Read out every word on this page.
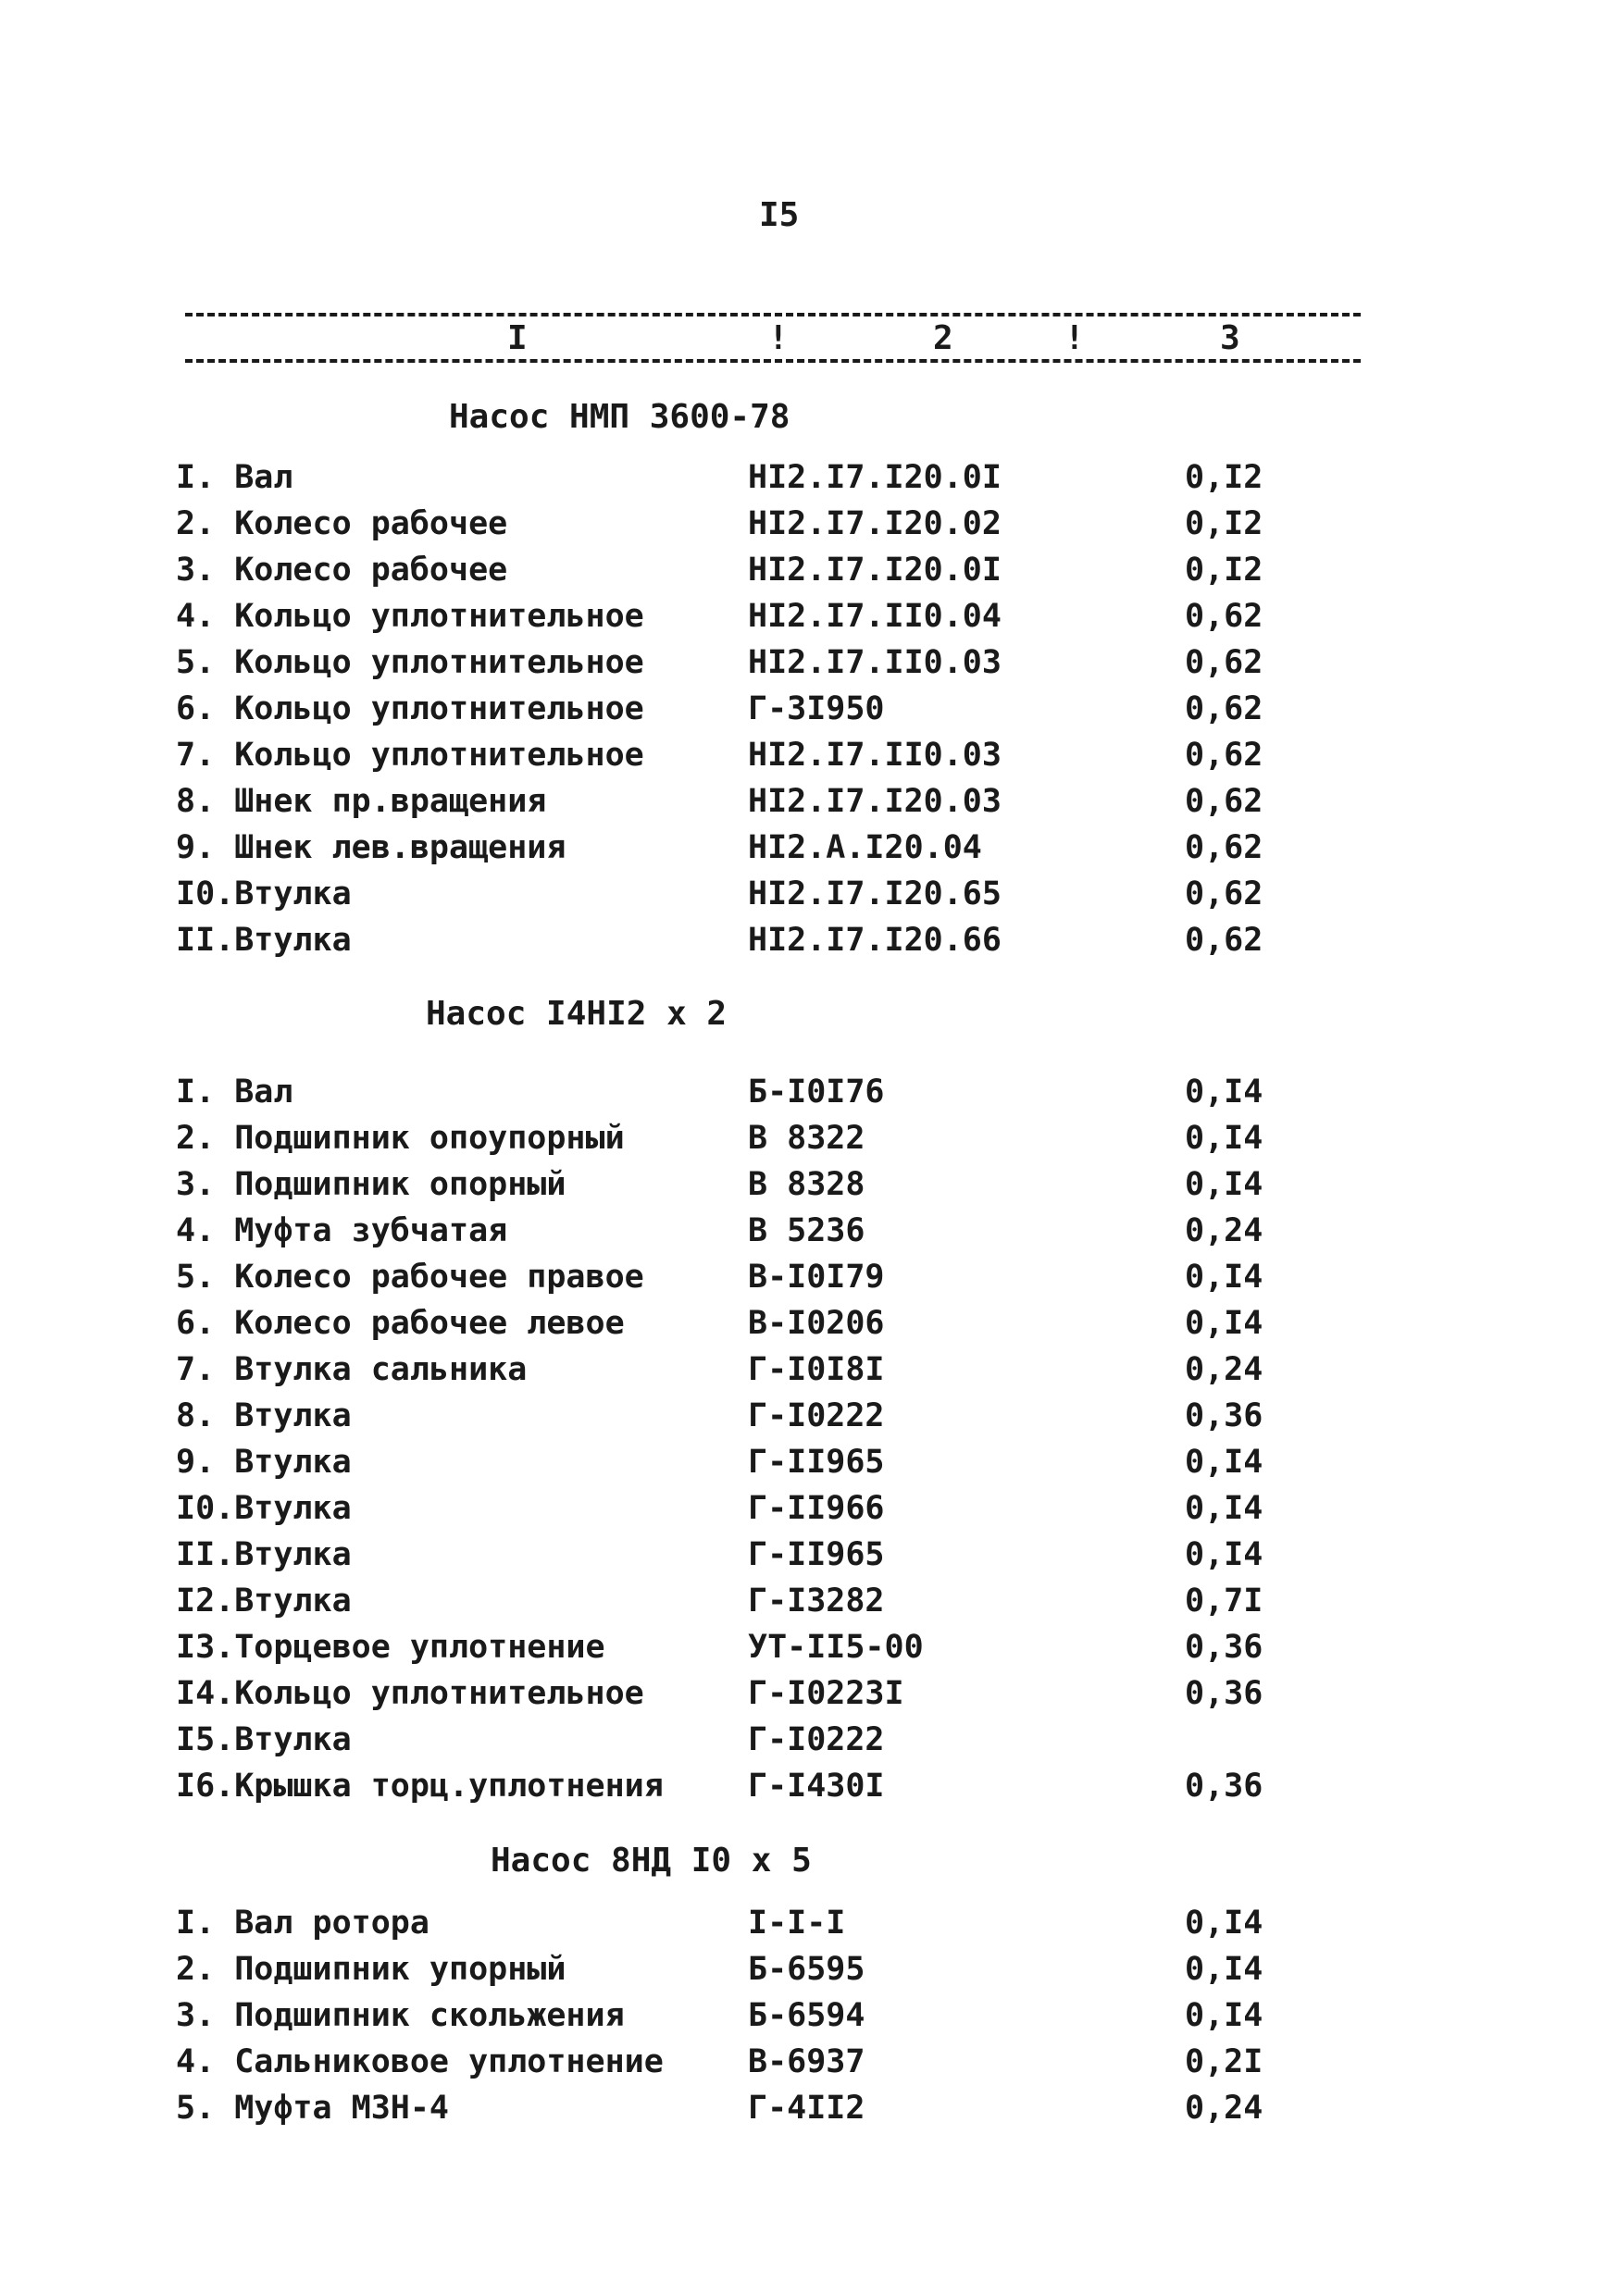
I5
I	!	2	!	3
Насос НМП 3600-78
I. Вал	НI2.I7.I20.0I	0,I2
2. Колесо рабочее	НI2.I7.I20.02	0,I2
3. Колесо рабочее	НI2.I7.I20.0I	0,I2
4. Кольцо уплотнительное	НI2.I7.II0.04	0,62
5. Кольцо уплотнительное	НI2.I7.II0.03	0,62
6. Кольцо уплотнительное	Г-3I950	0,62
7. Кольцо уплотнительное	НI2.I7.II0.03	0,62
8. Шнек пр.вращения	НI2.I7.I20.03	0,62
9. Шнек лев.вращения	НI2.А.I20.04	0,62
I0.Втулка	НI2.I7.I20.65	0,62
II.Втулка	НI2.I7.I20.66	0,62
Насос I4НI2 х 2
I. Вал	Б-I0I76	0,I4
2. Подшипник опоупорный	В 8322	0,I4
3. Подшипник опорный	В 8328	0,I4
4. Муфта зубчатая	В 5236	0,24
5. Колесо рабочее правое	В-I0I79	0,I4
6. Колесо рабочее левое	В-I0206	0,I4
7. Втулка сальника	Г-I0I8I	0,24
8. Втулка	Г-I0222	0,36
9. Втулка	Г-II965	0,I4
I0.Втулка	Г-II966	0,I4
II.Втулка	Г-II965	0,I4
I2.Втулка	Г-I3282	0,7I
I3.Торцевое уплотнение	УТ-II5-00	0,36
I4.Кольцо уплотнительное	Г-I0223I	0,36
I5.Втулка	Г-I0222
I6.Крышка торц.уплотнения	Г-I430I	0,36
Насос 8НД I0 х 5
I. Вал ротора	I-I-I	0,I4
2. Подшипник упорный	Б-6595	0,I4
3. Подшипник скольжения	Б-6594	0,I4
4. Сальниковое уплотнение	В-6937	0,2I
5. Муфта МЗН-4	Г-4II2	0,24
